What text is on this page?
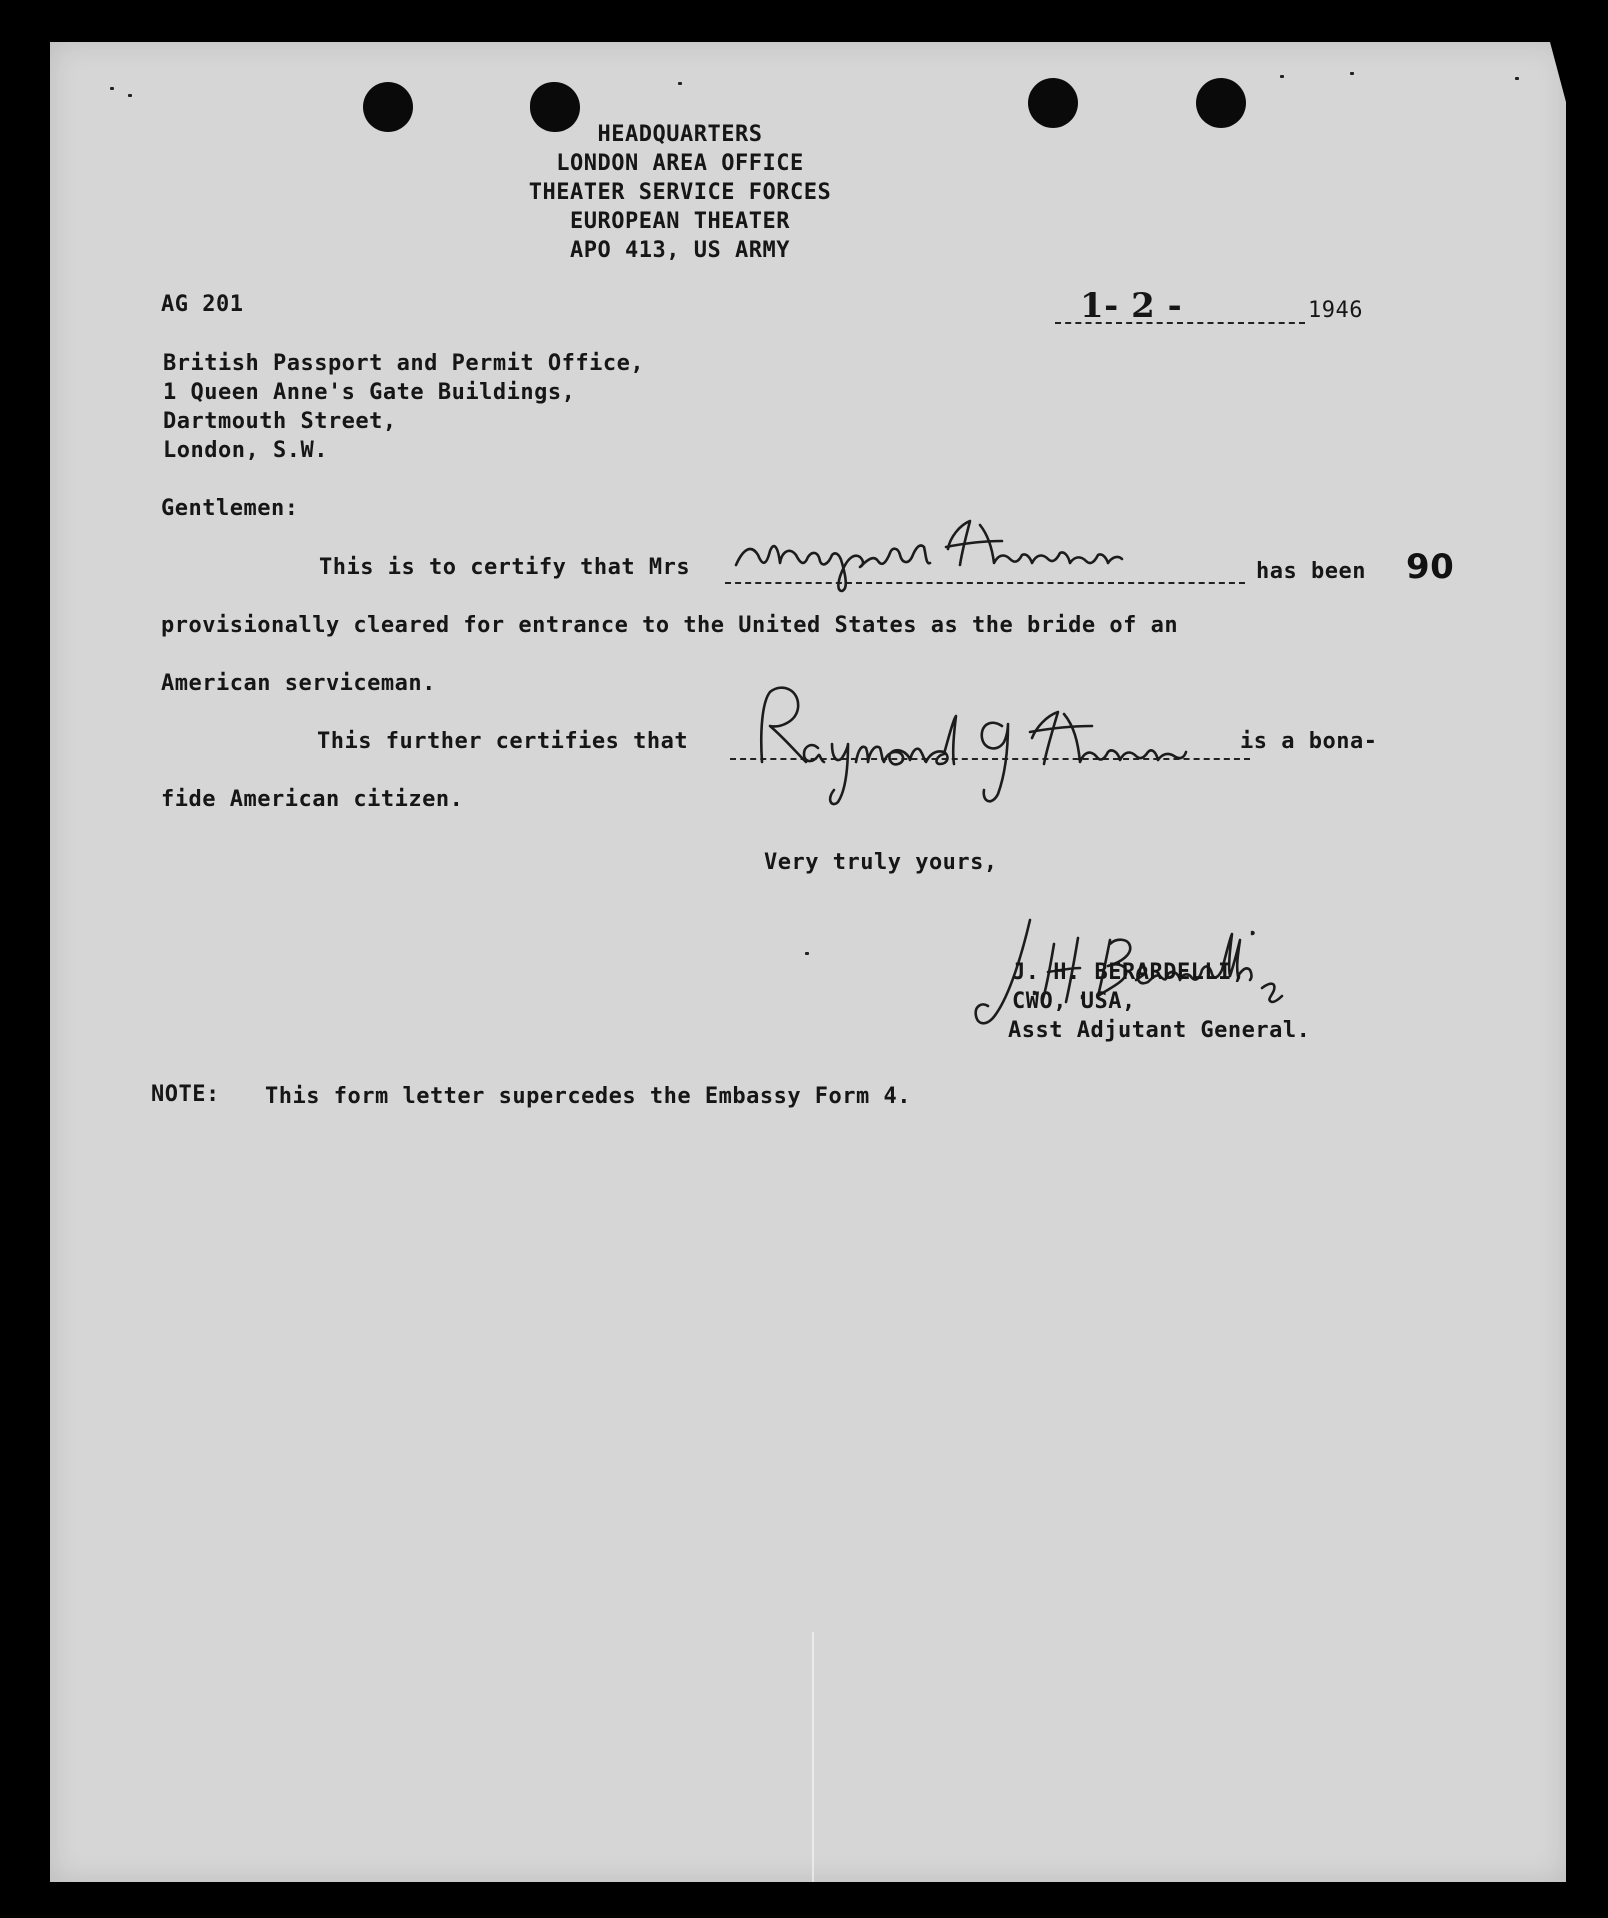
HEADQUARTERS
LONDON AREA OFFICE
THEATER SERVICE FORCES
EUROPEAN THEATER
APO 413, US ARMY
AG 201	1- 2 -	1946
British Passport and Permit Office,
1 Queen Anne's Gate Buildings,
Dartmouth Street,
London, S.W.
Gentlemen:
This is to certify that Mrs	has been 90
provisionally cleared for entrance to the United States as the bride of an
American serviceman.
This further certifies that	is a bona-
fide American citizen.
Very truly yours,
J. H. BERARDELLI,
CWO, USA,
Asst Adjutant General.
NOTE: This form letter supercedes the Embassy Form 4.
